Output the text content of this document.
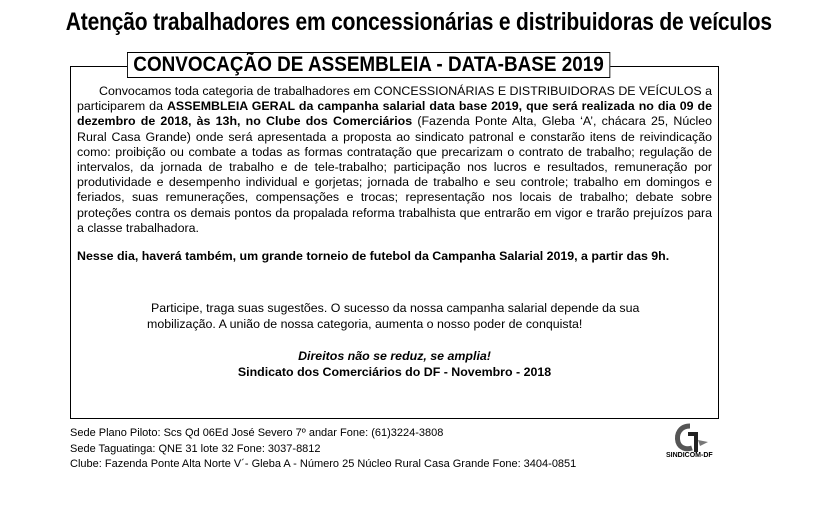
Atenção trabalhadores em concessionárias e distribuidoras de veículos
CONVOCAÇÃO DE ASSEMBLEIA - DATA-BASE 2019

Convocamos toda categoria de trabalhadores em CONCESSIONÁRIAS E DISTRIBUIDORAS DE VEÍCULOS a participarem da ASSEMBLEIA GERAL da campanha salarial data base 2019, que será realizada no dia 09 de dezembro de 2018, às 13h, no Clube dos Comerciários (Fazenda Ponte Alta, Gleba ‘A’, chácara 25, Núcleo Rural Casa Grande) onde será apresentada a proposta ao sindicato patronal e constarão itens de reivindicação como: proibição ou combate a todas as formas contratação que precarizam o contrato de trabalho; regulação de intervalos, da jornada de trabalho e de tele-trabalho; participação nos lucros e resultados, remuneração por produtividade e desempenho individual e gorjetas; jornada de trabalho e seu controle; trabalho em domingos e feriados, suas remunerações, compensações e trocas; representação nos locais de trabalho; debate sobre proteções contra os demais pontos da propalada reforma trabalhista que entrarão em vigor e trarão prejuízos para a classe trabalhadora.

Nesse dia, haverá também, um grande torneio de futebol da Campanha Salarial 2019, a partir das 9h.

Participe, traga suas sugestões. O sucesso da nossa campanha salarial depende da sua
mobilização. A união de nossa categoria, aumenta o nosso poder de conquista!
Direitos não se reduz, se amplia!
Sindicato dos Comerciários do DF - Novembro - 2018
Sede Plano Piloto: Scs Qd 06Ed José Severo 7º andar Fone: (61)3224-3808
Sede Taguatinga: QNE 31 lote 32 Fone: 3037-8812
Clube: Fazenda Ponte Alta Norte V´- Gleba A - Número 25 Núcleo Rural Casa Grande Fone: 3404-0851
SINDICOM-DF
